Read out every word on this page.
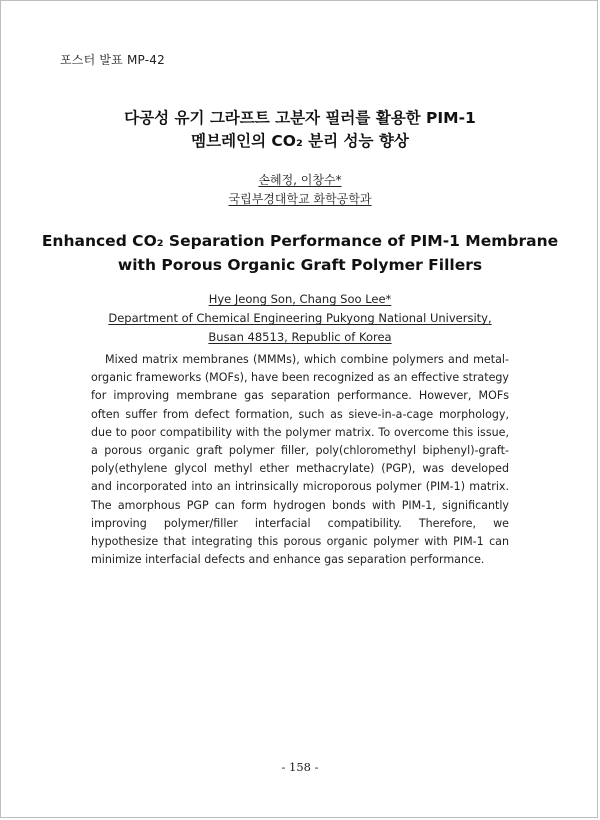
포스터 발표 MP-42
다공성 유기 그라프트 고분자 필러를 활용한 PIM-1
멤브레인의 CO₂ 분리 성능 향상
손혜정, 이창수*
국립부경대학교 화학공학과
Enhanced CO₂ Separation Performance of PIM-1 Membrane
with Porous Organic Graft Polymer Fillers
Hye Jeong Son, Chang Soo Lee*
Department of Chemical Engineering Pukyong National University,
Busan 48513, Republic of Korea

Mixed matrix membranes (MMMs), which combine polymers and metal-organic frameworks (MOFs), have been recognized as an effective strategy for improving membrane gas separation performance. However, MOFs often suffer from defect formation, such as sieve-in-a-cage morphology, due to poor compatibility with the polymer matrix. To overcome this issue, a porous organic graft polymer filler, poly(chloromethyl biphenyl)-graft-poly(ethylene glycol methyl ether methacrylate) (PGP), was developed and incorporated into an intrinsically microporous polymer (PIM-1) matrix. The amorphous PGP can form hydrogen bonds with PIM-1, significantly improving polymer/filler interfacial compatibility. Therefore, we hypothesize that integrating this porous organic polymer with PIM-1 can minimize interfacial defects and enhance gas separation performance.

- 158 -
